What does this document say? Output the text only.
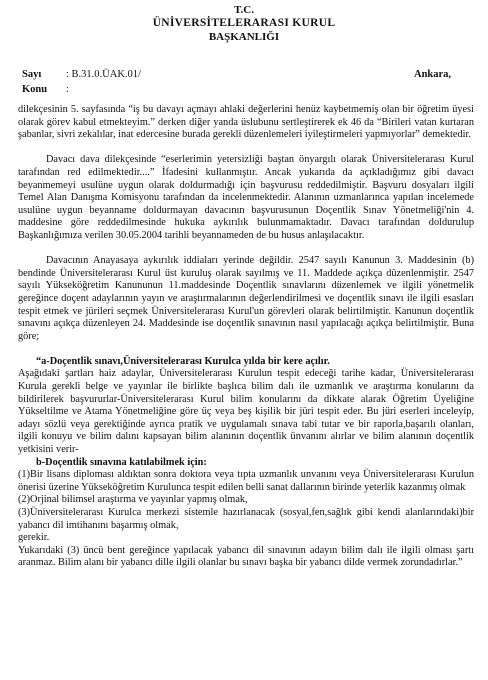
T.C.
ÜNİVERSİTELERARASI KURUL
BAŞKANLIĞI
Sayı : B.31.0.ÜAK.01/
Konu :
Ankara,

dilekçesinin 5. sayfasında “iş bu davayı açmayı ahlaki değerlerini henüz kaybetmemiş olan bir öğretim üyesi olarak görev kabul etmekteyim.” derken diğer yanda üslubunu sertleştirerek ek 46 da “Birileri vatan kurtaran şabanlar, sivri zekalılar, inat edercesine burada gerekli düzenlemeleri iyileştirmeleri yapmıyorlar” demektedir.

Davacı dava dilekçesinde “eserlerimin yetersizliği baştan önyargılı olarak Üniversitelerarası Kurul tarafından red edilmektedir....” İfadesini kullanmıştır. Ancak yukarıda da açıkladığımız gibi davacı beyanmemeyi usulüne uygun olarak doldurmadığı için başvurusu reddedilmiştir. Başvuru dosyaları ilgili Temel Alan Danışma Komisyonu tarafından da incelenmektedir. Alanının uzmanlarınca yapılan incelemede usulüne uygun beyanname doldurmayan davacının başvurusunun Doçentlik Sınav Yönetmeliği'nin 4. maddesine göre reddedilmesinde hukuka aykırılık bulunmamaktadır. Davacı tarafından doldurulup Başkanlığımıza verilen 30.05.2004 tarihli beyannameden de bu husus anlaşılacaktır.

Davacının Anayasaya aykırılık iddiaları yerinde değildir. 2547 sayılı Kanunun 3. Maddesinin (b) bendinde Üniversitelerarası Kurul üst kuruluş olarak sayılmış ve 11. Maddede açıkça düzenlenmiştir. 2547 sayılı Yükseköğretim Kanununun 11.maddesinde Doçentlik sınavlarını düzenlemek ve ilgili yönetmelik gereğince doçent adaylarının yayın ve araştırmalarının değerlendirilmesi ve doçentlik sınavı ile ilgili esasları tespit etmek ve jürileri seçmek Üniversitelerarası Kurul'un görevleri olarak belirtilmiştir. Kanunun doçentlik sınavını açıkça düzenleyen 24. Maddesinde ise doçentlik sınavının nasıl yapılacağı açıkça belirtilmiştir. Buna göre;

“a-Doçentlik sınavı,Üniversitelerarası Kurulca yılda bir kere açılır.

Aşağıdaki şartları haiz adaylar, Üniversitelerarası Kurulun tespit edeceği tarihe kadar, Üniversitelerarası Kurula gerekli belge ve yayınlar ile birlikte başlıca bilim dalı ile uzmanlık ve araştırma konularını da bildirilerek başvururlar-Üniversitelerarası Kurul bilim konularını da dikkate alarak Öğretim Üyeliğine Yükseltilme ve Atama Yönetmeliğine göre üç veya beş kişilik bir jüri tespit eder. Bu jüri eserleri inceleyip, adayı sözlü veya gerektiğinde ayrıca pratik ve uygulamalı sınava tabi tutar ve bir raporla,başarılı olanları, ilgili konuyu ve bilim dalını kapsayan bilim alanının doçentlik ünvanını alırlar ve bilim alanının doçentlik yetkisini verir-

b-Doçentlik sınavına katılabilmek için:

(1)Bir lisans diploması aldıktan sonra doktora veya tıpta uzmanlık unvanını veya Üniversitelerarası Kurulun önerisi üzerine Yükseköğretim Kurulunca tespit edilen belli sanat dallarının birinde yeterlik kazanmış olmak

(2)Orjinal bilimsel araştırma ve yayınlar yapmış olmak,

(3)Üniversitelerarası Kurulca merkezi sistemle hazırlanacak (sosyal,fen,sağlık gibi kendi alanlarındaki)bir yabancı dil imtihanını başarmış olmak,

gerekir.

Yukarıdaki (3) üncü bent gereğince yapılacak yabancı dil sınavının adayın bilim dalı ile ilgili olması şartı aranmaz. Bilim alanı bir yabancı dille ilgili olanlar bu sınavı başka bir yabancı dilde vermek zorundadırlar.”
